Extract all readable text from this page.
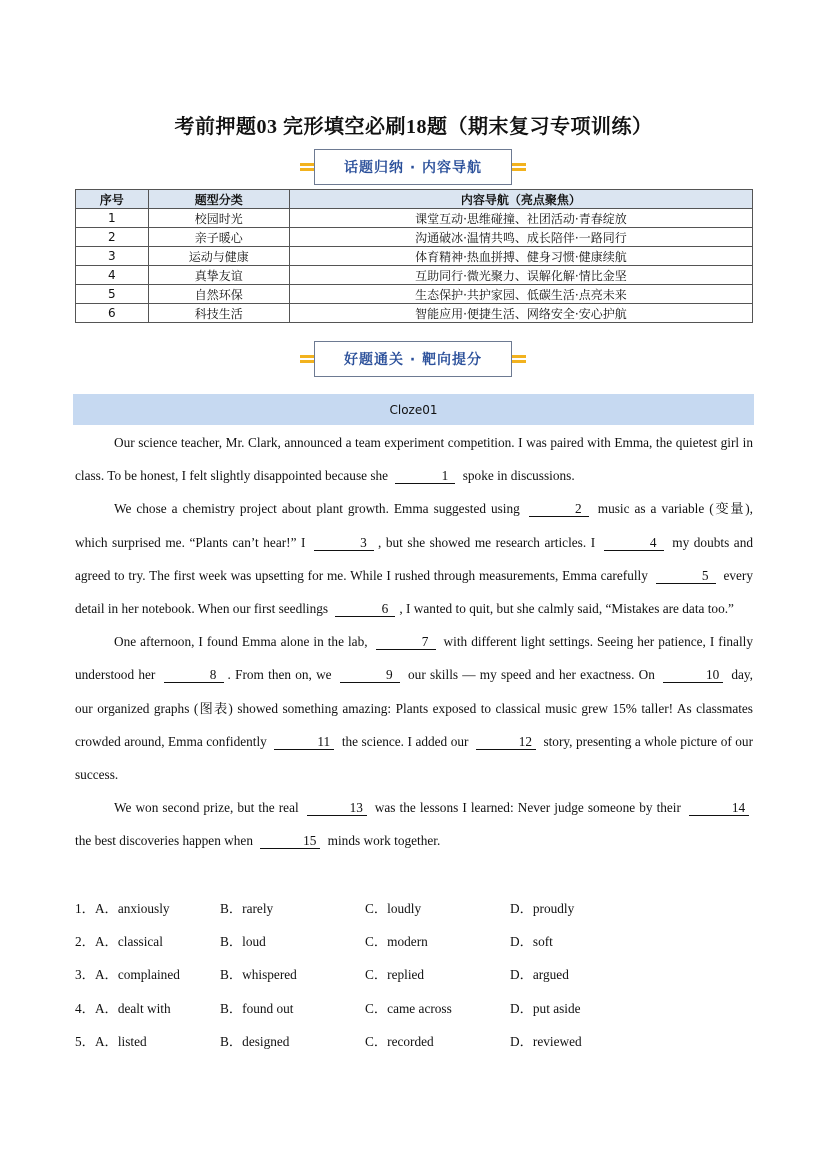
考前押题03 完形填空必刷18题（期末复习专项训练）
话题归纳 · 内容导航
序号	题型分类	内容导航（亮点聚焦）
1	校园时光	课堂互动·思维碰撞、社团活动·青春绽放
2	亲子暖心	沟通破冰·温情共鸣、成长陪伴·一路同行
3	运动与健康	体育精神·热血拼搏、健身习惯·健康续航
4	真挚友谊	互助同行·微光聚力、误解化解·情比金坚
5	自然环保	生态保护·共护家园、低碳生活·点亮未来
6	科技生活	智能应用·便捷生活、网络安全·安心护航
好题通关 · 靶向提分
Cloze01

Our science teacher, Mr. Clark, announced a team experiment competition. I was paired with Emma, the quietest girl in class. To be honest, I felt slightly disappointed because she	1 spoke in discussions.

We chose a chemistry project about plant growth. Emma suggested using	2 music as a variable (变量), which surprised me. “Plants can’t hear!” I	3 , but she showed me research articles. I	4 my doubts and agreed to try. The first week was upsetting for me. While I rushed through measurements, Emma carefully	5 every detail in her notebook. When our first seedlings	6 , I wanted to quit, but she calmly said, “Mistakes are data too.”

One afternoon, I found Emma alone in the lab,	7 with different light settings. Seeing her patience, I finally understood her	8 . From then on, we	9 our skills — my speed and her exactness. On	10 day, our organized graphs (图表) showed something amazing: Plants exposed to classical music grew 15% taller! As classmates crowded around, Emma confidently	11 the science. I added our	12 story, presenting a whole picture of our success.

We won second prize, but the real	13 was the lessons I learned: Never judge someone by their	14 the best discoveries happen when	15 minds work together.

1．A．anxiously	B．rarely	C．loudly	D．proudly
2．A．classical	B．loud	C．modern	D．soft
3．A．complained	B．whispered	C．replied	D．argued
4．A．dealt with	B．found out	C．came across	D．put aside
5．A．listed	B．designed	C．recorded	D．reviewed
